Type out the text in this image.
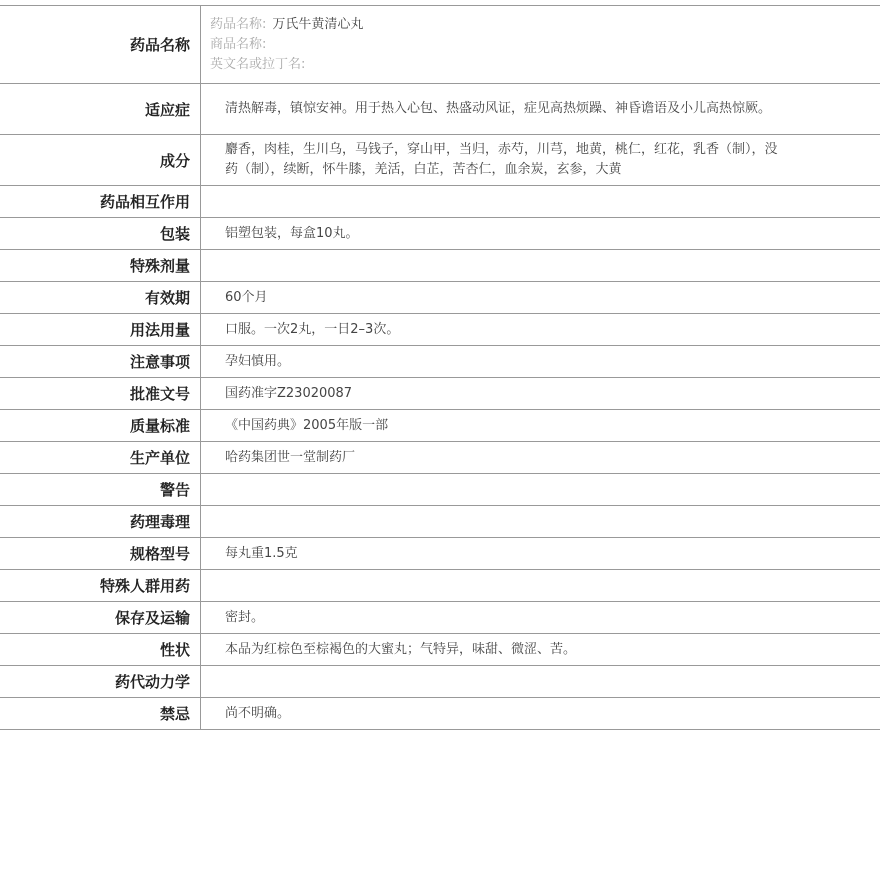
药品名称	药品名称: 万氏牛黄清心丸
商品名称:
英文名或拉丁名:

适应症	清热解毒，镇惊安神。用于热入心包、热盛动风证，症见高热烦躁、神昏谵语及小儿高热惊厥。
成分	麝香，肉桂，生川乌，马钱子，穿山甲，当归，赤芍，川芎，地黄，桃仁，红花，乳香（制），没药（制），续断，怀牛膝，羌活，白芷，苦杏仁，血余炭，玄参，大黄
药品相互作用	
包装	铝塑包装，每盒10丸。
特殊剂量	
有效期	60个月
用法用量	口服。一次2丸，一日2–3次。
注意事项	孕妇慎用。
批准文号	国药准字Z23020087
质量标准	《中国药典》2005年版一部
生产单位	哈药集团世一堂制药厂
警告	
药理毒理	
规格型号	每丸重1.5克
特殊人群用药	
保存及运输	密封。
性状	本品为红棕色至棕褐色的大蜜丸；气特异，味甜、微涩、苦。
药代动力学	
禁忌	尚不明确。
